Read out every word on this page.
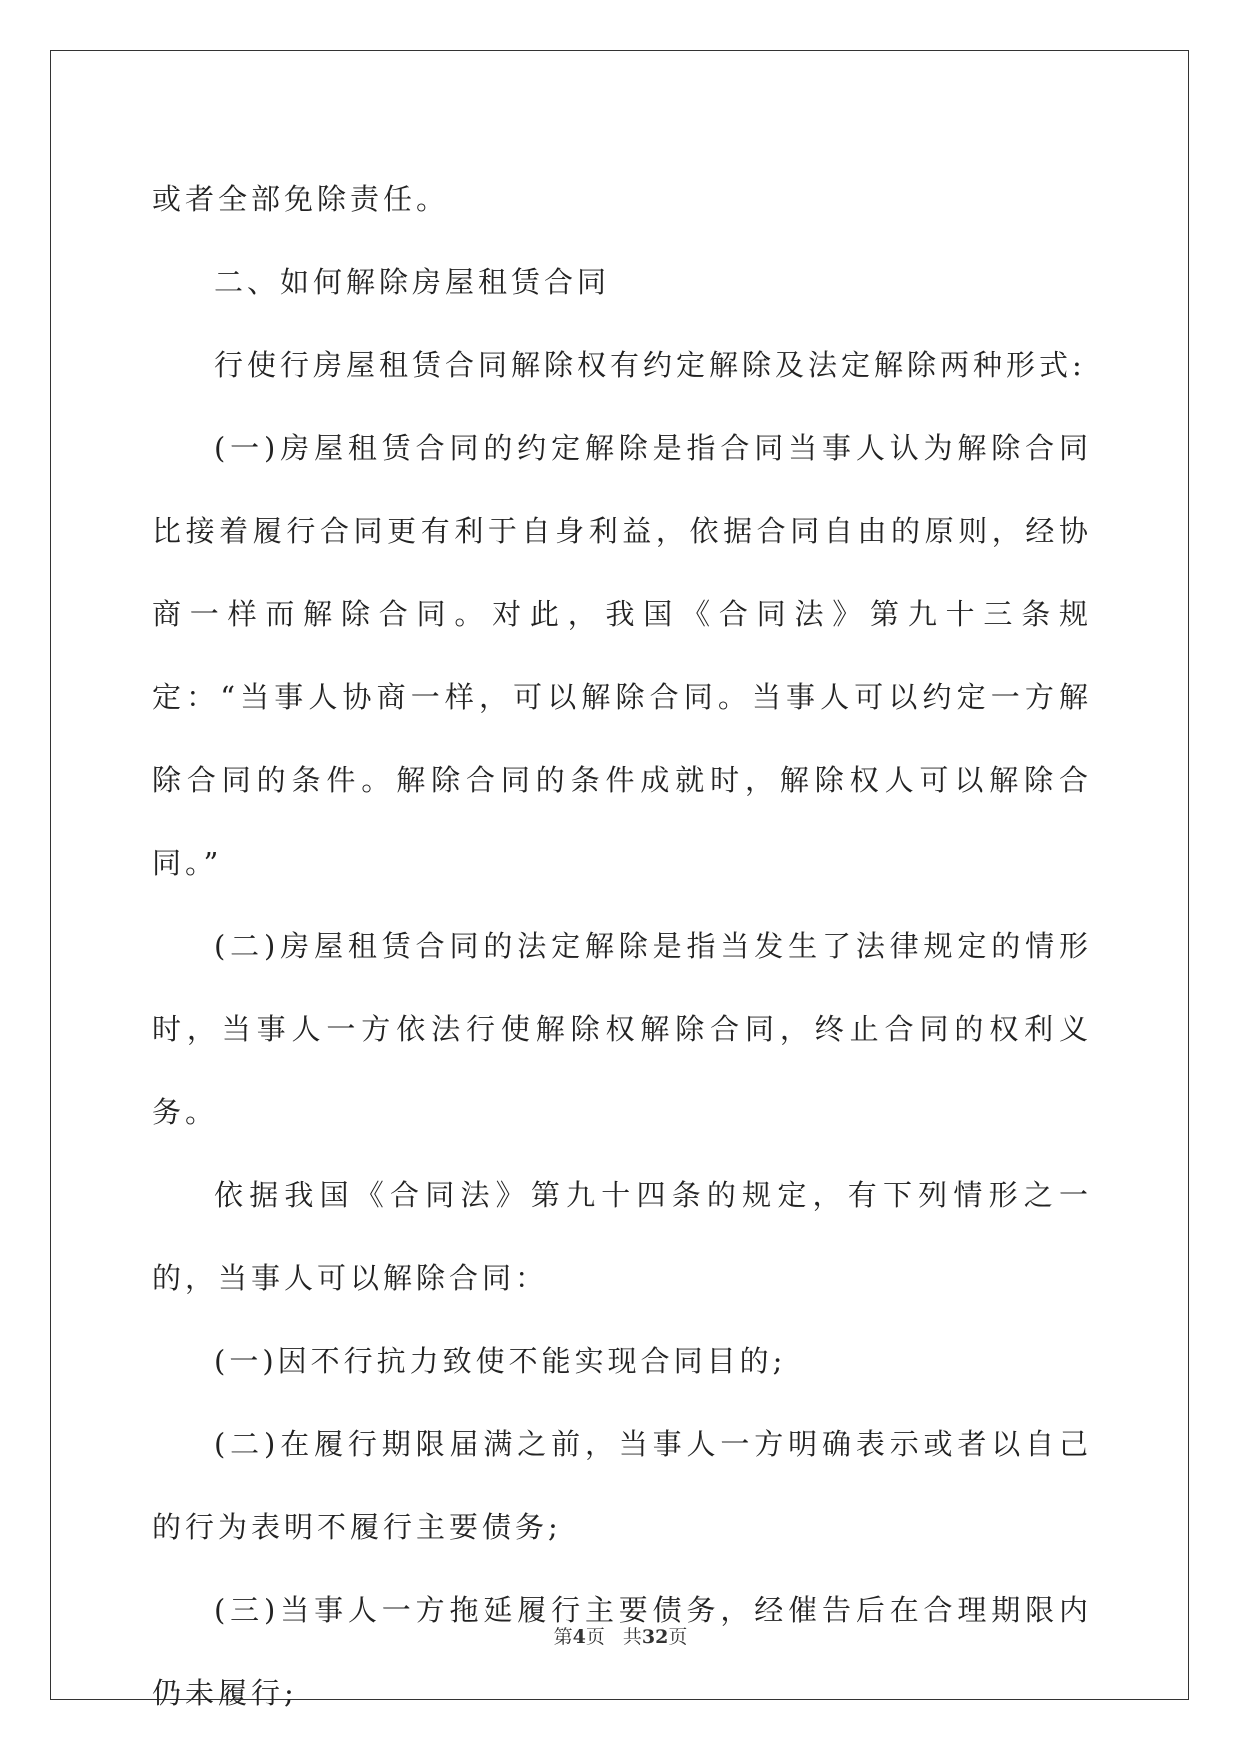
或者全部免除责任。

二、如何解除房屋租赁合同

行使行房屋租赁合同解除权有约定解除及法定解除两种形式:

(一)房屋租赁合同的约定解除是指合同当事人认为解除合同比接着履行合同更有利于自身利益，依据合同自由的原则，经协商一样而解除合同。对此，我国《合同法》第九十三条规定：“当事人协商一样，可以解除合同。当事人可以约定一方解除合同的条件。解除合同的条件成就时，解除权人可以解除合同。”

(二)房屋租赁合同的法定解除是指当发生了法律规定的情形时，当事人一方依法行使解除权解除合同，终止合同的权利义务。

依据我国《合同法》第九十四条的规定，有下列情形之一的，当事人可以解除合同：

(一)因不行抗力致使不能实现合同目的;

(二)在履行期限届满之前，当事人一方明确表示或者以自己的行为表明不履行主要债务;

(三)当事人一方拖延履行主要债务，经催告后在合理期限内仍未履行;

第4页 共32页
